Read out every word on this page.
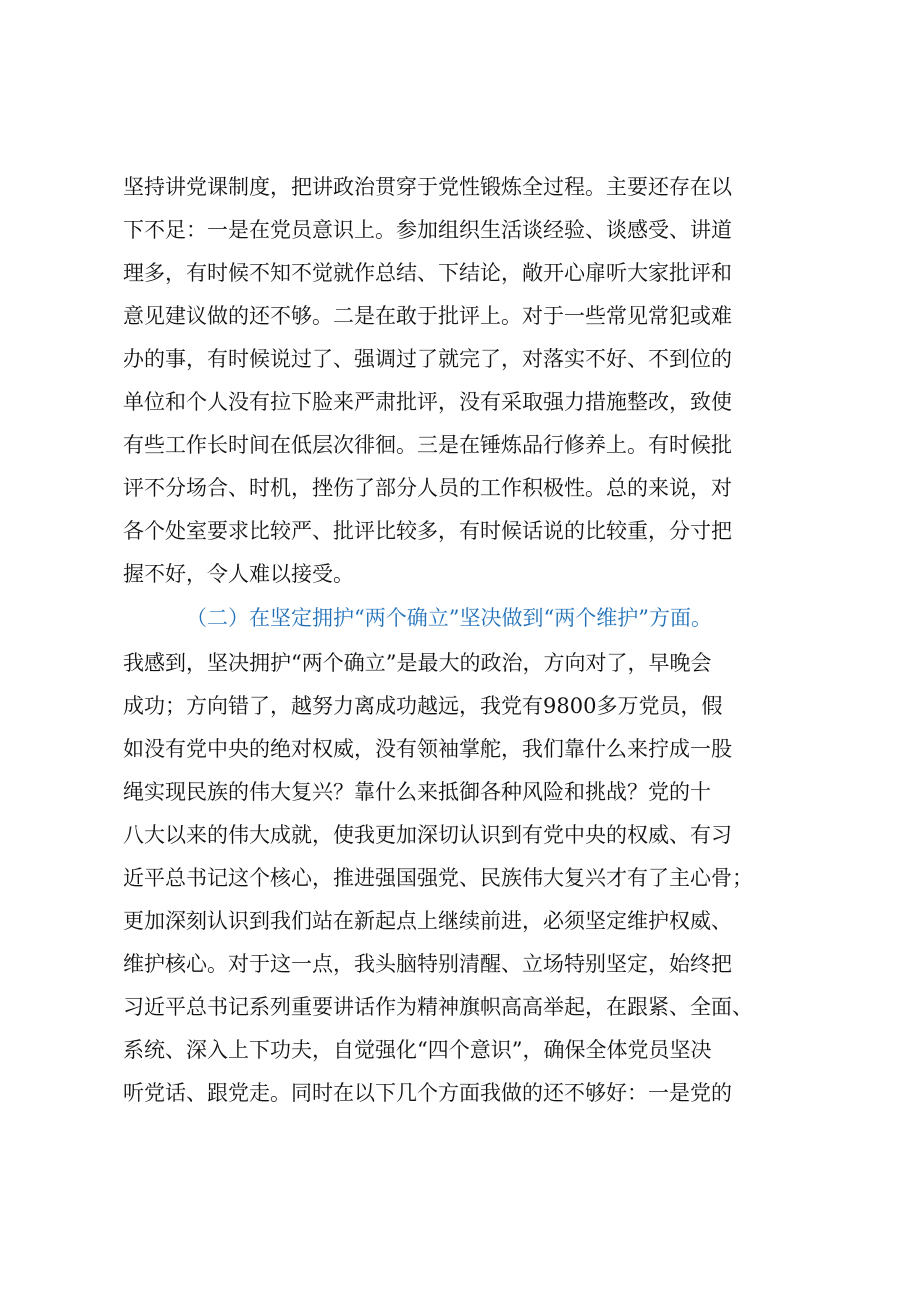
坚持讲党课制度，把讲政治贯穿于党性锻炼全过程。主要还存在以
下不足：一是在党员意识上。参加组织生活谈经验、谈感受、讲道
理多，有时候不知不觉就作总结、下结论，敞开心扉听大家批评和
意见建议做的还不够。二是在敢于批评上。对于一些常见常犯或难
办的事，有时候说过了、强调过了就完了，对落实不好、不到位的
单位和个人没有拉下脸来严肃批评，没有采取强力措施整改，致使
有些工作长时间在低层次徘徊。三是在锤炼品行修养上。有时候批
评不分场合、时机，挫伤了部分人员的工作积极性。总的来说，对
各个处室要求比较严、批评比较多，有时候话说的比较重，分寸把
握不好，令人难以接受。
（二）在坚定拥护“两个确立”坚决做到“两个维护”方面。
我感到，坚决拥护“两个确立”是最大的政治，方向对了，早晚会
成功；方向错了，越努力离成功越远，我党有9800多万党员，假
如没有党中央的绝对权威，没有领袖掌舵，我们靠什么来拧成一股
绳实现民族的伟大复兴？靠什么来抵御各种风险和挑战？党的十
八大以来的伟大成就，使我更加深切认识到有党中央的权威、有习
近平总书记这个核心，推进强国强党、民族伟大复兴才有了主心骨；
更加深刻认识到我们站在新起点上继续前进，必须坚定维护权威、
维护核心。对于这一点，我头脑特别清醒、立场特别坚定，始终把
习近平总书记系列重要讲话作为精神旗帜高高举起，在跟紧、全面、
系统、深入上下功夫，自觉强化“四个意识”，确保全体党员坚决
听党话、跟党走。同时在以下几个方面我做的还不够好：一是党的
